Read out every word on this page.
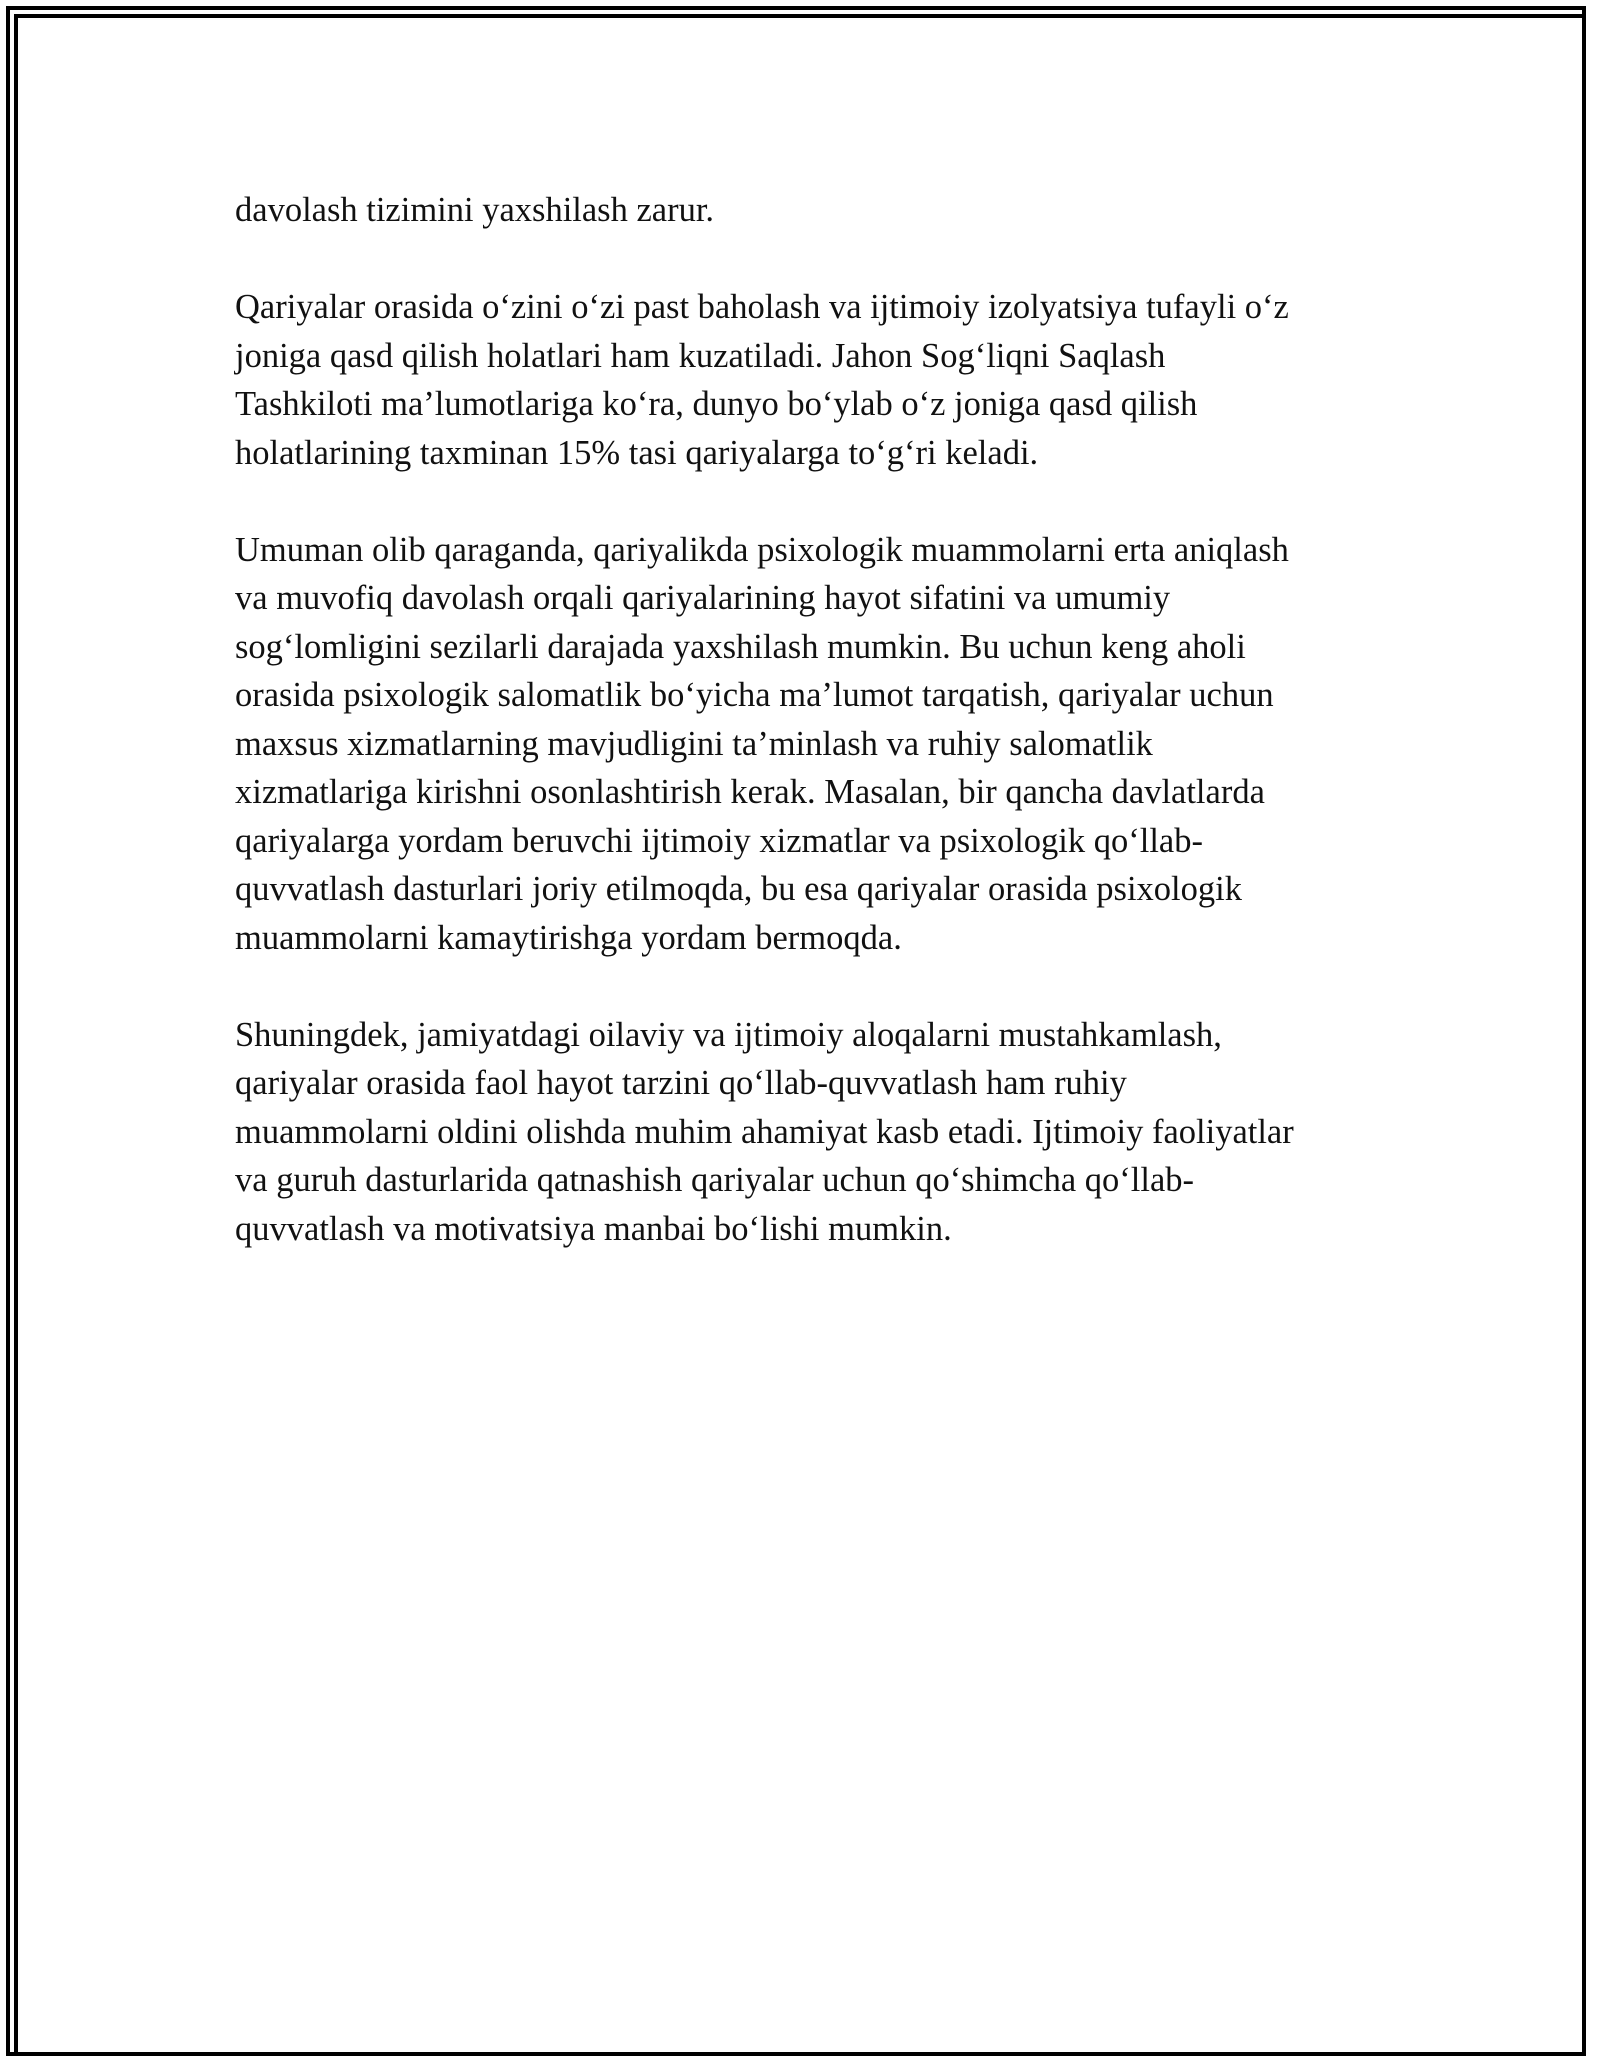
davolash tizimini yaxshilash zarur.

Qariyalar orasida o‘zini o‘zi past baholash va ijtimoiy izolyatsiya tufayli o‘z
joniga qasd qilish holatlari ham kuzatiladi. Jahon Sog‘liqni Saqlash
Tashkiloti ma’lumotlariga ko‘ra, dunyo bo‘ylab o‘z joniga qasd qilish
holatlarining taxminan 15% tasi qariyalarga to‘g‘ri keladi.

Umuman olib qaraganda, qariyalikda psixologik muammolarni erta aniqlash
va muvofiq davolash orqali qariyalarining hayot sifatini va umumiy
sog‘lomligini sezilarli darajada yaxshilash mumkin. Bu uchun keng aholi
orasida psixologik salomatlik bo‘yicha ma’lumot tarqatish, qariyalar uchun
maxsus xizmatlarning mavjudligini ta’minlash va ruhiy salomatlik
xizmatlariga kirishni osonlashtirish kerak. Masalan, bir qancha davlatlarda
qariyalarga yordam beruvchi ijtimoiy xizmatlar va psixologik qo‘llab-
quvvatlash dasturlari joriy etilmoqda, bu esa qariyalar orasida psixologik
muammolarni kamaytirishga yordam bermoqda.

Shuningdek, jamiyatdagi oilaviy va ijtimoiy aloqalarni mustahkamlash,
qariyalar orasida faol hayot tarzini qo‘llab-quvvatlash ham ruhiy
muammolarni oldini olishda muhim ahamiyat kasb etadi. Ijtimoiy faoliyatlar
va guruh dasturlarida qatnashish qariyalar uchun qo‘shimcha qo‘llab-
quvvatlash va motivatsiya manbai bo‘lishi mumkin.
